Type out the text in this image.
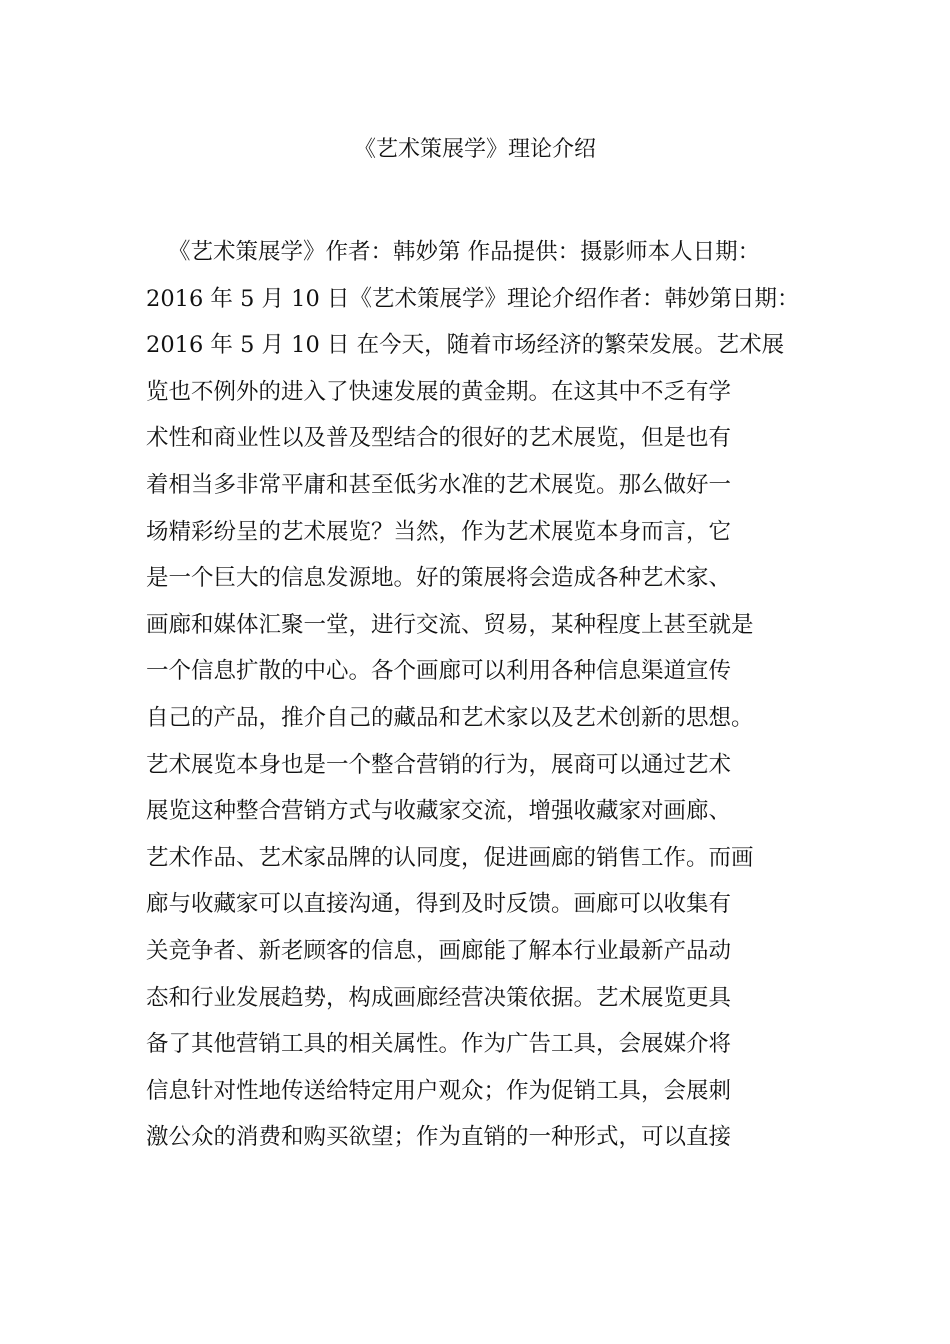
《艺术策展学》理论介绍
《艺术策展学》作者：韩妙第 作品提供：摄影师本人日期：
2016 年 5 月 10 日《艺术策展学》理论介绍作者：韩妙第日期：
2016 年 5 月 10 日 在今天，随着市场经济的繁荣发展。艺术展
览也不例外的进入了快速发展的黄金期。在这其中不乏有学
术性和商业性以及普及型结合的很好的艺术展览，但是也有
着相当多非常平庸和甚至低劣水准的艺术展览。那么做好一
场精彩纷呈的艺术展览？当然，作为艺术展览本身而言，它
是一个巨大的信息发源地。好的策展将会造成各种艺术家、
画廊和媒体汇聚一堂，进行交流、贸易，某种程度上甚至就是
一个信息扩散的中心。各个画廊可以利用各种信息渠道宣传
自己的产品，推介自己的藏品和艺术家以及艺术创新的思想。
艺术展览本身也是一个整合营销的行为，展商可以通过艺术
展览这种整合营销方式与收藏家交流，增强收藏家对画廊、
艺术作品、艺术家品牌的认同度，促进画廊的销售工作。而画
廊与收藏家可以直接沟通，得到及时反馈。画廊可以收集有
关竞争者、新老顾客的信息，画廊能了解本行业最新产品动
态和行业发展趋势，构成画廊经营决策依据。艺术展览更具
备了其他营销工具的相关属性。作为广告工具，会展媒介将
信息针对性地传送给特定用户观众；作为促销工具，会展刺
激公众的消费和购买欲望；作为直销的一种形式，可以直接
